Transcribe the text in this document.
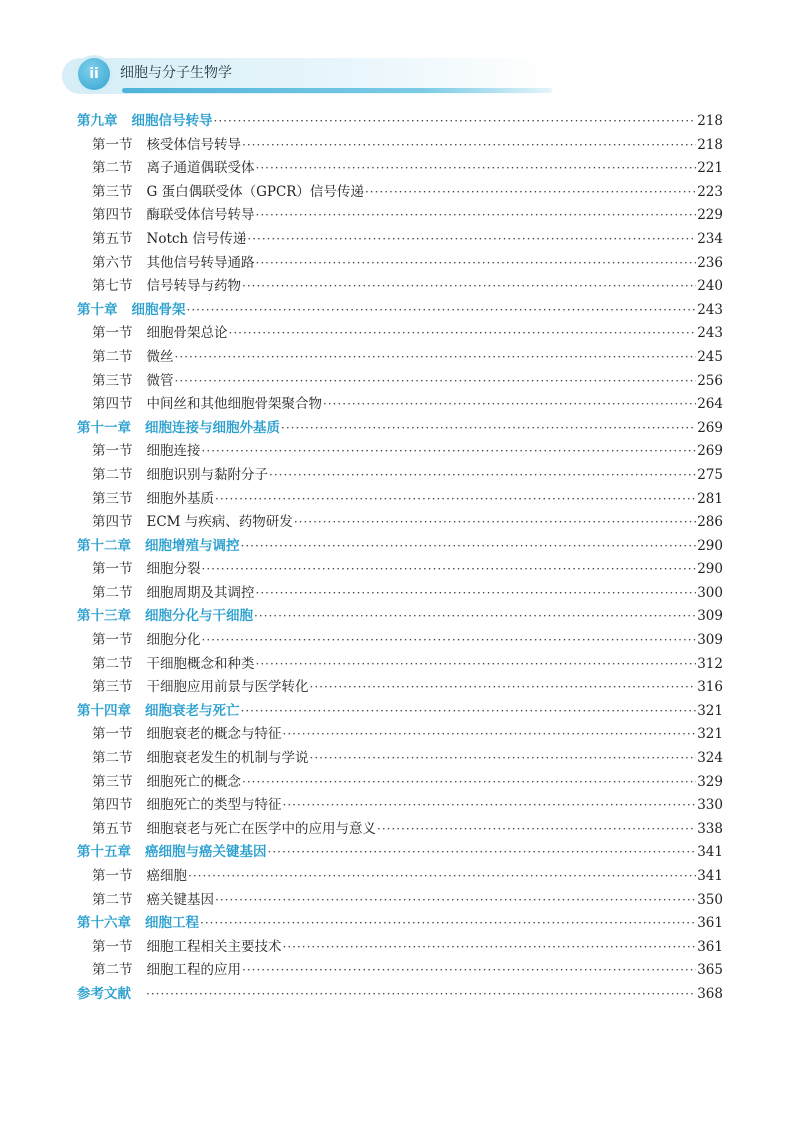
ii	细胞与分子生物学
第九章 细胞信号转导 ·····	218
第一节 核受体信号转导 ·····	218
第二节 离子通道偶联受体 ·····	221
第三节 G 蛋白偶联受体（GPCR）信号传递 ·····	223
第四节 酶联受体信号转导 ·····	229
第五节 Notch 信号传递 ·····	234
第六节 其他信号转导通路 ·····	236
第七节 信号转导与药物 ·····	240
第十章 细胞骨架 ·····	243
第一节 细胞骨架总论 ·····	243
第二节 微丝 ·····	245
第三节 微管 ·····	256
第四节 中间丝和其他细胞骨架聚合物 ·····	264
第十一章 细胞连接与细胞外基质 ·····	269
第一节 细胞连接 ·····	269
第二节 细胞识别与黏附分子 ·····	275
第三节 细胞外基质 ·····	281
第四节 ECM 与疾病、药物研发 ·····	286
第十二章 细胞增殖与调控 ·····	290
第一节 细胞分裂 ·····	290
第二节 细胞周期及其调控 ·····	300
第十三章 细胞分化与干细胞 ·····	309
第一节 细胞分化 ·····	309
第二节 干细胞概念和种类 ·····	312
第三节 干细胞应用前景与医学转化 ·····	316
第十四章 细胞衰老与死亡 ·····	321
第一节 细胞衰老的概念与特征 ·····	321
第二节 细胞衰老发生的机制与学说 ·····	324
第三节 细胞死亡的概念 ·····	329
第四节 细胞死亡的类型与特征 ·····	330
第五节 细胞衰老与死亡在医学中的应用与意义 ·····	338
第十五章 癌细胞与癌关键基因 ·····	341
第一节 癌细胞 ·····	341
第二节 癌关键基因 ·····	350
第十六章 细胞工程 ·····	361
第一节 细胞工程相关主要技术 ·····	361
第二节 细胞工程的应用 ·····	365
参考文献 ·····	368
